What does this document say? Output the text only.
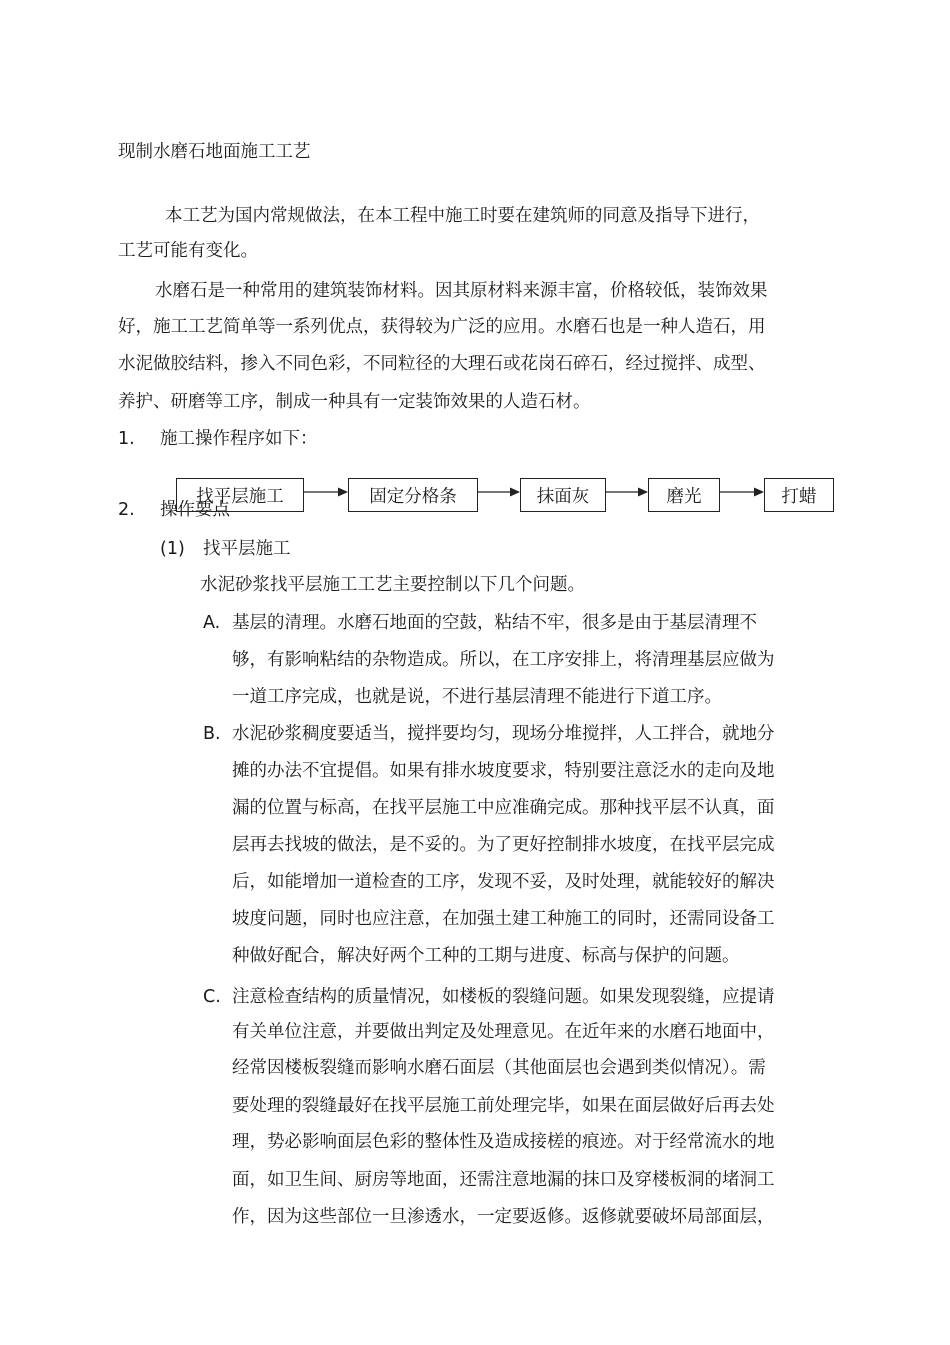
现制水磨石地面施工工艺
本工艺为国内常规做法，在本工程中施工时要在建筑师的同意及指导下进行，
工艺可能有变化。
水磨石是一种常用的建筑装饰材料。因其原材料来源丰富，价格较低，装饰效果
好，施工工艺简单等一系列优点，获得较为广泛的应用。水磨石也是一种人造石，用
水泥做胶结料，掺入不同色彩，不同粒径的大理石或花岗石碎石，经过搅拌、成型、
养护、研磨等工序，制成一种具有一定装饰效果的人造石材。
1. 施工操作程序如下：
2. 操作要点
找平层施工	固定分格条	抹面灰	磨光	打蜡
(1) 找平层施工
水泥砂浆找平层施工工艺主要控制以下几个问题。
A. 基层的清理。水磨石地面的空鼓，粘结不牢，很多是由于基层清理不
够，有影响粘结的杂物造成。所以，在工序安排上，将清理基层应做为
一道工序完成，也就是说，不进行基层清理不能进行下道工序。
B. 水泥砂浆稠度要适当，搅拌要均匀，现场分堆搅拌，人工拌合，就地分
摊的办法不宜提倡。如果有排水坡度要求，特别要注意泛水的走向及地
漏的位置与标高，在找平层施工中应准确完成。那种找平层不认真，面
层再去找坡的做法，是不妥的。为了更好控制排水坡度，在找平层完成
后，如能增加一道检查的工序，发现不妥，及时处理，就能较好的解决
坡度问题，同时也应注意，在加强土建工种施工的同时，还需同设备工
种做好配合，解决好两个工种的工期与进度、标高与保护的问题。
C. 注意检查结构的质量情况，如楼板的裂缝问题。如果发现裂缝，应提请
有关单位注意，并要做出判定及处理意见。在近年来的水磨石地面中，
经常因楼板裂缝而影响水磨石面层（其他面层也会遇到类似情况）。需
要处理的裂缝最好在找平层施工前处理完毕，如果在面层做好后再去处
理，势必影响面层色彩的整体性及造成接槎的痕迹。对于经常流水的地
面，如卫生间、厨房等地面，还需注意地漏的抹口及穿楼板洞的堵洞工
作，因为这些部位一旦渗透水，一定要返修。返修就要破坏局部面层，
